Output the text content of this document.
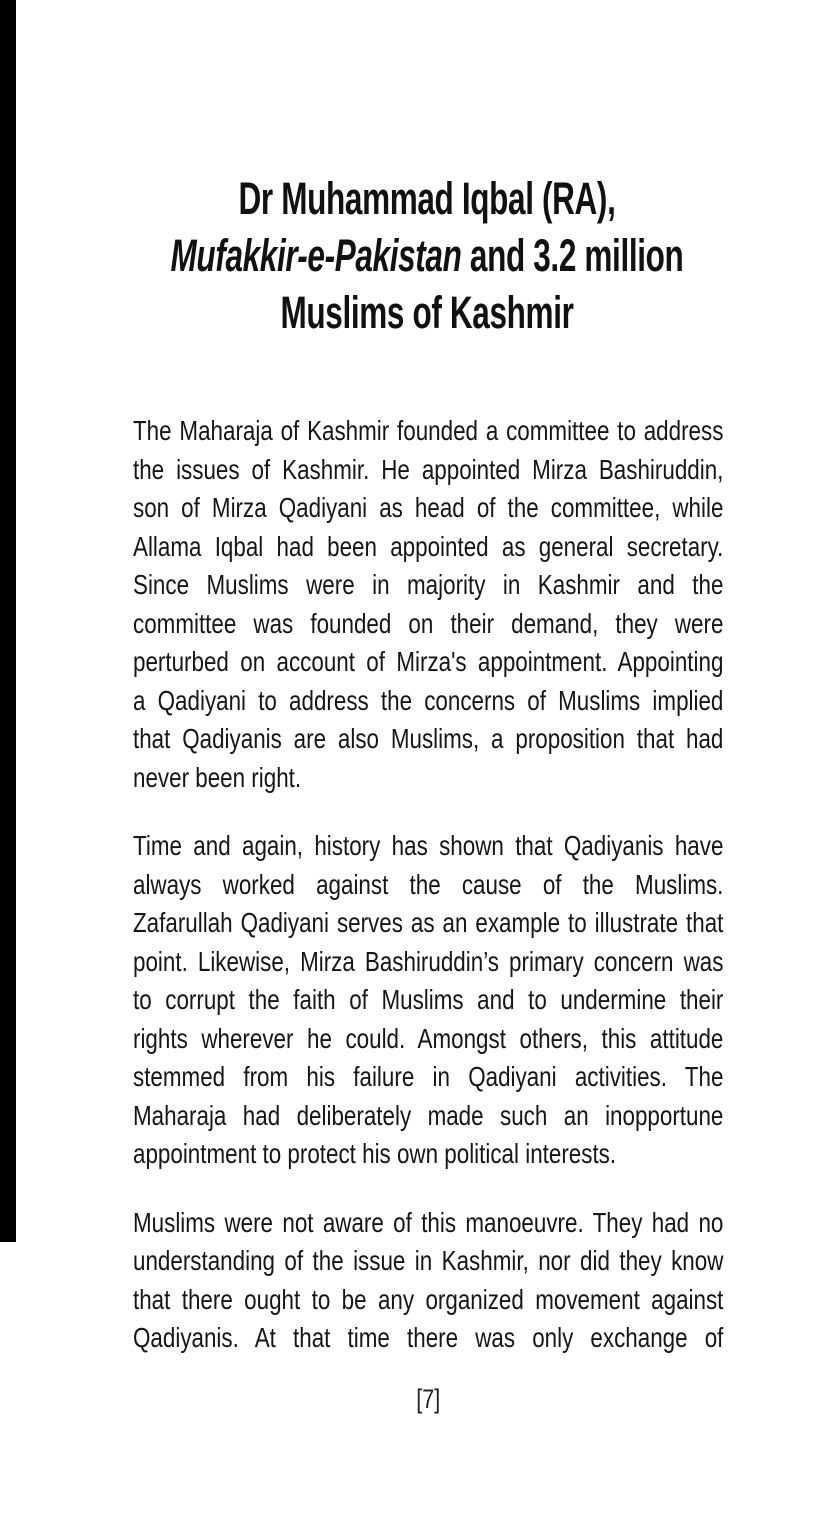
Dr Muhammad Iqbal (RA),
Mufakkir-e-Pakistan and 3.2 million
Muslims of Kashmir
The Maharaja of Kashmir founded a committee to address
the issues of Kashmir. He appointed Mirza Bashiruddin,
son of Mirza Qadiyani as head of the committee, while
Allama Iqbal had been appointed as general secretary.
Since Muslims were in majority in Kashmir and the
committee was founded on their demand, they were
perturbed on account of Mirza's appointment. Appointing
a Qadiyani to address the concerns of Muslims implied
that Qadiyanis are also Muslims, a proposition that had
never been right.
Time and again, history has shown that Qadiyanis have
always worked against the cause of the Muslims.
Zafarullah Qadiyani serves as an example to illustrate that
point. Likewise, Mirza Bashiruddin’s primary concern was
to corrupt the faith of Muslims and to undermine their
rights wherever he could. Amongst others, this attitude
stemmed from his failure in Qadiyani activities. The
Maharaja had deliberately made such an inopportune
appointment to protect his own political interests.
Muslims were not aware of this manoeuvre. They had no
understanding of the issue in Kashmir, nor did they know
that there ought to be any organized movement against
Qadiyanis. At that time there was only exchange of
[7]
